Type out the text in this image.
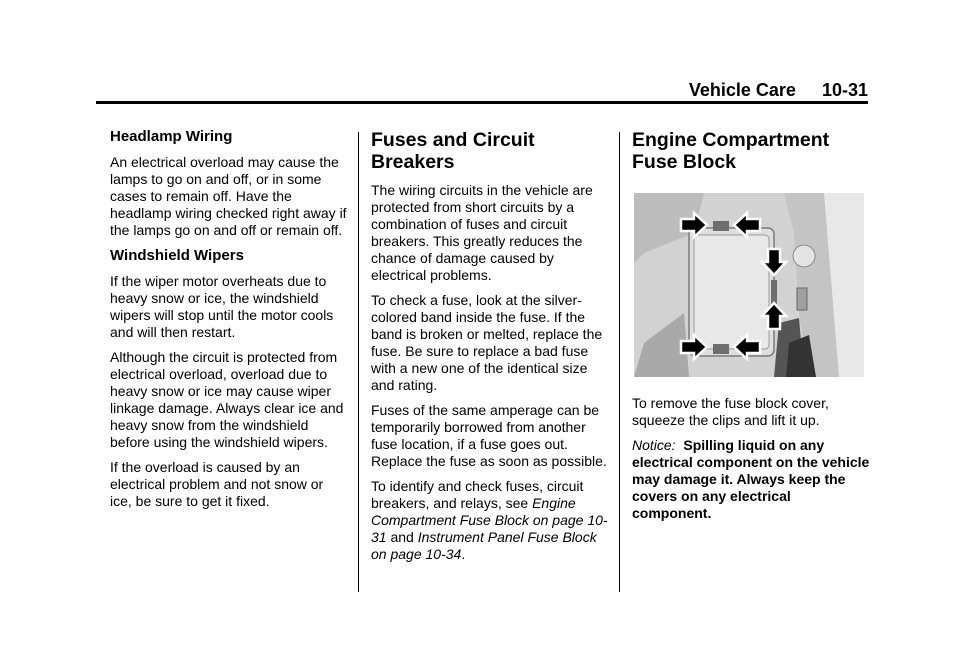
Vehicle Care 10-31
Headlamp Wiring

An electrical overload may cause the lamps to go on and off, or in some cases to remain off. Have the headlamp wiring checked right away if the lamps go on and off or remain off.

Windshield Wipers

If the wiper motor overheats due to heavy snow or ice, the windshield wipers will stop until the motor cools and will then restart.

Although the circuit is protected from electrical overload, overload due to heavy snow or ice may cause wiper linkage damage. Always clear ice and heavy snow from the windshield before using the windshield wipers.

If the overload is caused by an electrical problem and not snow or ice, be sure to get it fixed.

Fuses and Circuit
Breakers

The wiring circuits in the vehicle are protected from short circuits by a combination of fuses and circuit breakers. This greatly reduces the chance of damage caused by electrical problems.

To check a fuse, look at the silver-colored band inside the fuse. If the band is broken or melted, replace the fuse. Be sure to replace a bad fuse with a new one of the identical size and rating.

Fuses of the same amperage can be temporarily borrowed from another fuse location, if a fuse goes out. Replace the fuse as soon as possible.

To identify and check fuses, circuit breakers, and relays, see Engine Compartment Fuse Block on page 10-31 and Instrument Panel Fuse Block on page 10-34.

Engine Compartment
Fuse Block

To remove the fuse block cover, squeeze the clips and lift it up.

Notice: Spilling liquid on any electrical component on the vehicle may damage it. Always keep the covers on any electrical component.
